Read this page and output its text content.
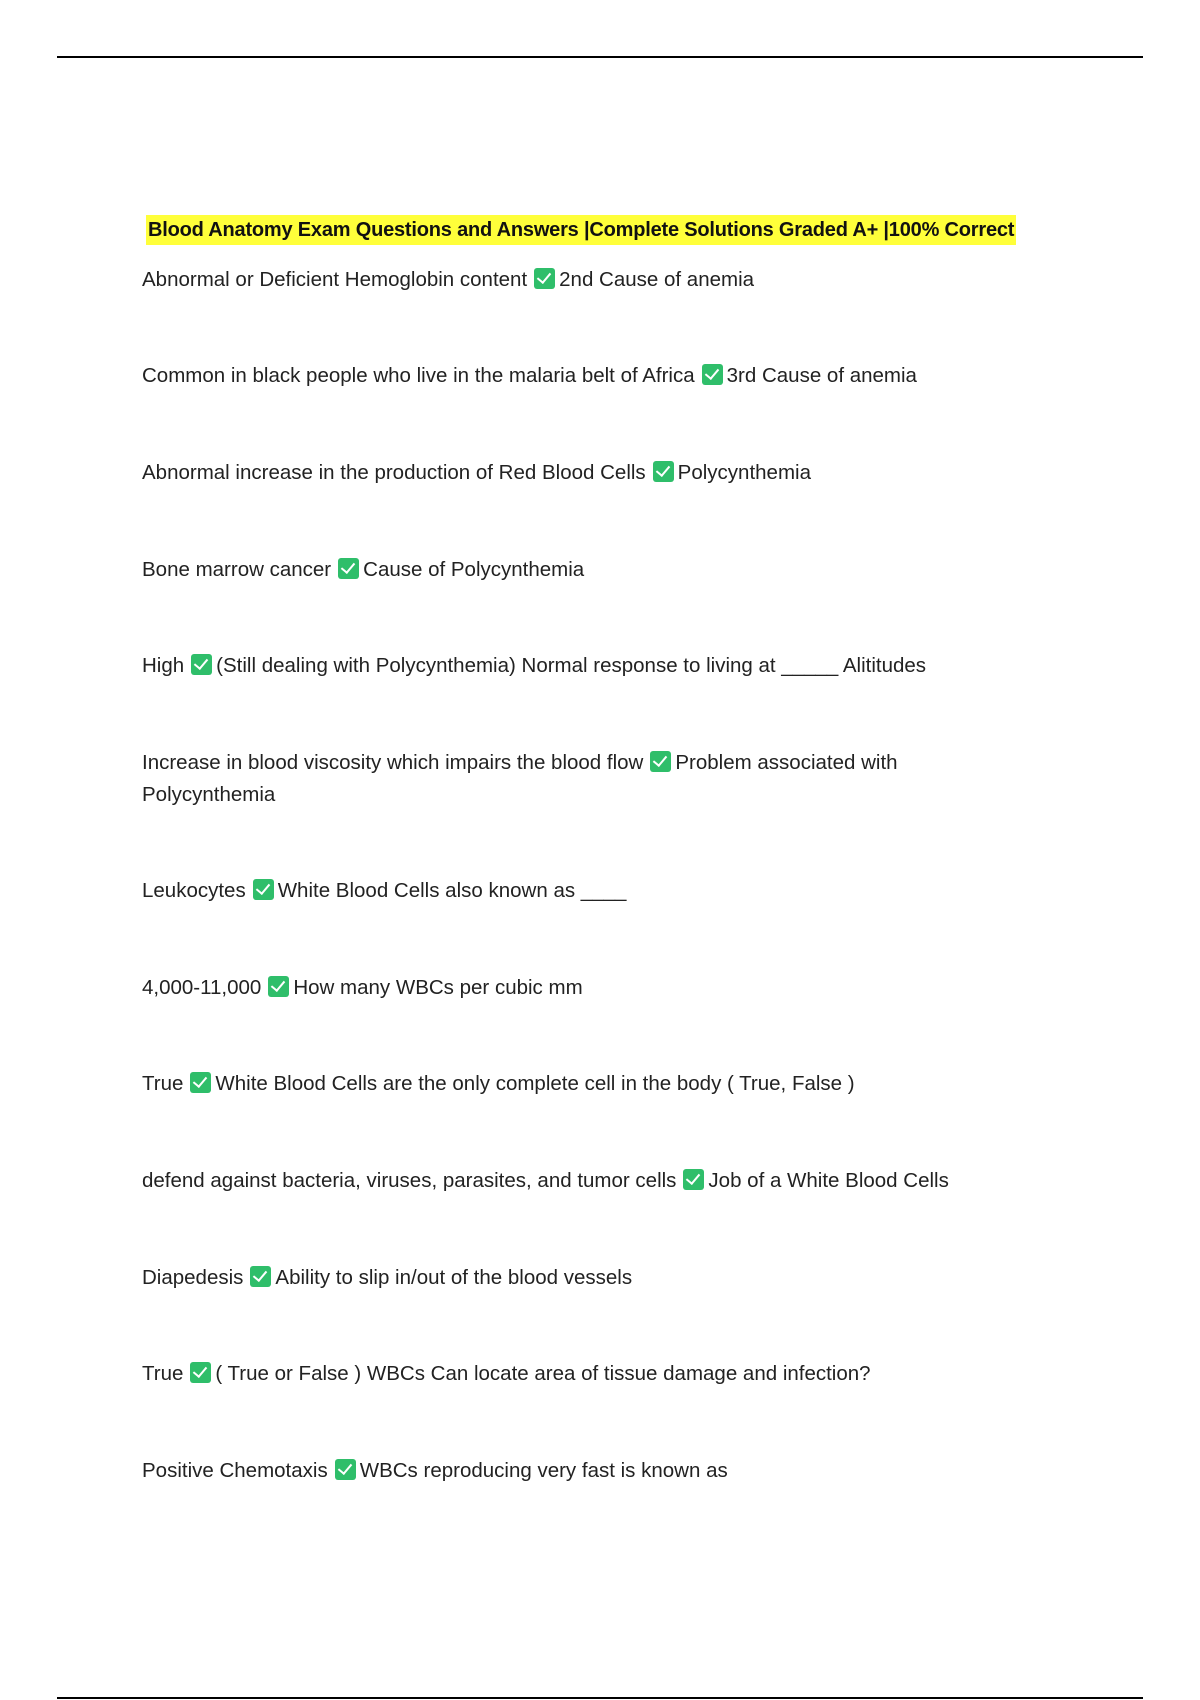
Blood Anatomy Exam Questions and Answers |Complete Solutions Graded A+ |100% Correct
Abnormal or Deficient Hemoglobin content 2nd Cause of anemia
Common in black people who live in the malaria belt of Africa 3rd Cause of anemia
Abnormal increase in the production of Red Blood Cells Polycynthemia
Bone marrow cancer Cause of Polycynthemia
High (Still dealing with Polycynthemia) Normal response to living at _____ Alititudes
Increase in blood viscosity which impairs the blood flow Problem associated with Polycynthemia
Leukocytes White Blood Cells also known as ____
4,000-11,000 How many WBCs per cubic mm
True White Blood Cells are the only complete cell in the body ( True, False )
defend against bacteria, viruses, parasites, and tumor cells Job of a White Blood Cells
Diapedesis Ability to slip in/out of the blood vessels
True ( True or False ) WBCs Can locate area of tissue damage and infection?
Positive Chemotaxis WBCs reproducing very fast is known as
